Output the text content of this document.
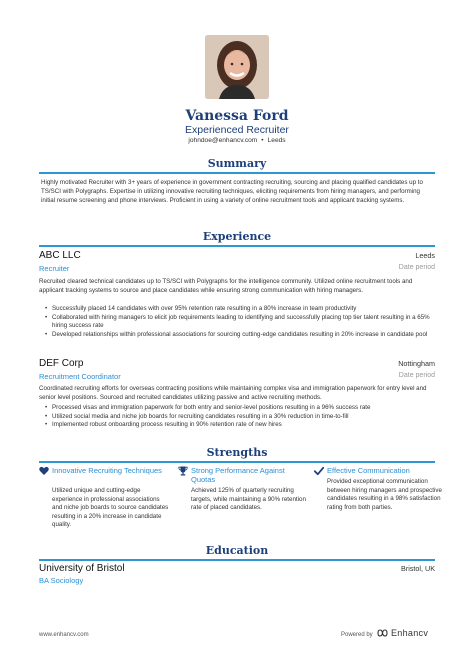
Vanessa Ford
Experienced Recruiter
johndoe@enhancv.com • Leeds
Summary
Highly motivated Recruiter with 3+ years of experience in government contracting recruiting, sourcing and placing qualified candidates up to TS/SCI with Polygraphs. Expertise in utilizing innovative recruiting techniques, eliciting requirements from hiring managers, and performing initial resume screening and phone interviews. Proficient in using a variety of online recruitment tools and applicant tracking systems.
Experience
ABC LLC	Leeds
Recruiter	Date period
Recruited cleared technical candidates up to TS/SCI with Polygraphs for the intelligence community. Utilized online recruitment tools and applicant tracking systems to source and place candidates while ensuring strong communication with hiring managers.
• Successfully placed 14 candidates with over 95% retention rate resulting in a 80% increase in team productivity
• Collaborated with hiring managers to elicit job requirements leading to identifying and successfully placing top tier talent resulting in a 65% hiring success rate
• Developed relationships within professional associations for sourcing cutting-edge candidates resulting in 20% increase in candidate pool
DEF Corp	Nottingham
Recruitment Coordinator	Date period
Coordinated recruiting efforts for overseas contracting positions while maintaining complex visa and immigration paperwork for entry level and senior level positions. Sourced and recruited candidates utilizing passive and active recruiting methods.
• Processed visas and immigration paperwork for both entry and senior-level positions resulting in a 96% success rate
• Utilized social media and niche job boards for recruiting candidates resulting in a 30% reduction in time-to-fill
• Implemented robust onboarding process resulting in 90% retention rate of new hires
Strengths
Innovative Recruiting Techniques
Utilized unique and cutting-edge experience in professional associations and niche job boards to source candidates resulting in a 20% increase in candidate quality.
Strong Performance Against Quotas
Achieved 125% of quarterly recruiting targets, while maintaining a 90% retention rate of placed candidates.
Effective Communication
Provided exceptional communication between hiring managers and prospective candidates resulting in a 98% satisfaction rating from both parties.
Education
University of Bristol	Bristol, UK
BA Sociology
www.enhancv.com	Powered by Enhancv
